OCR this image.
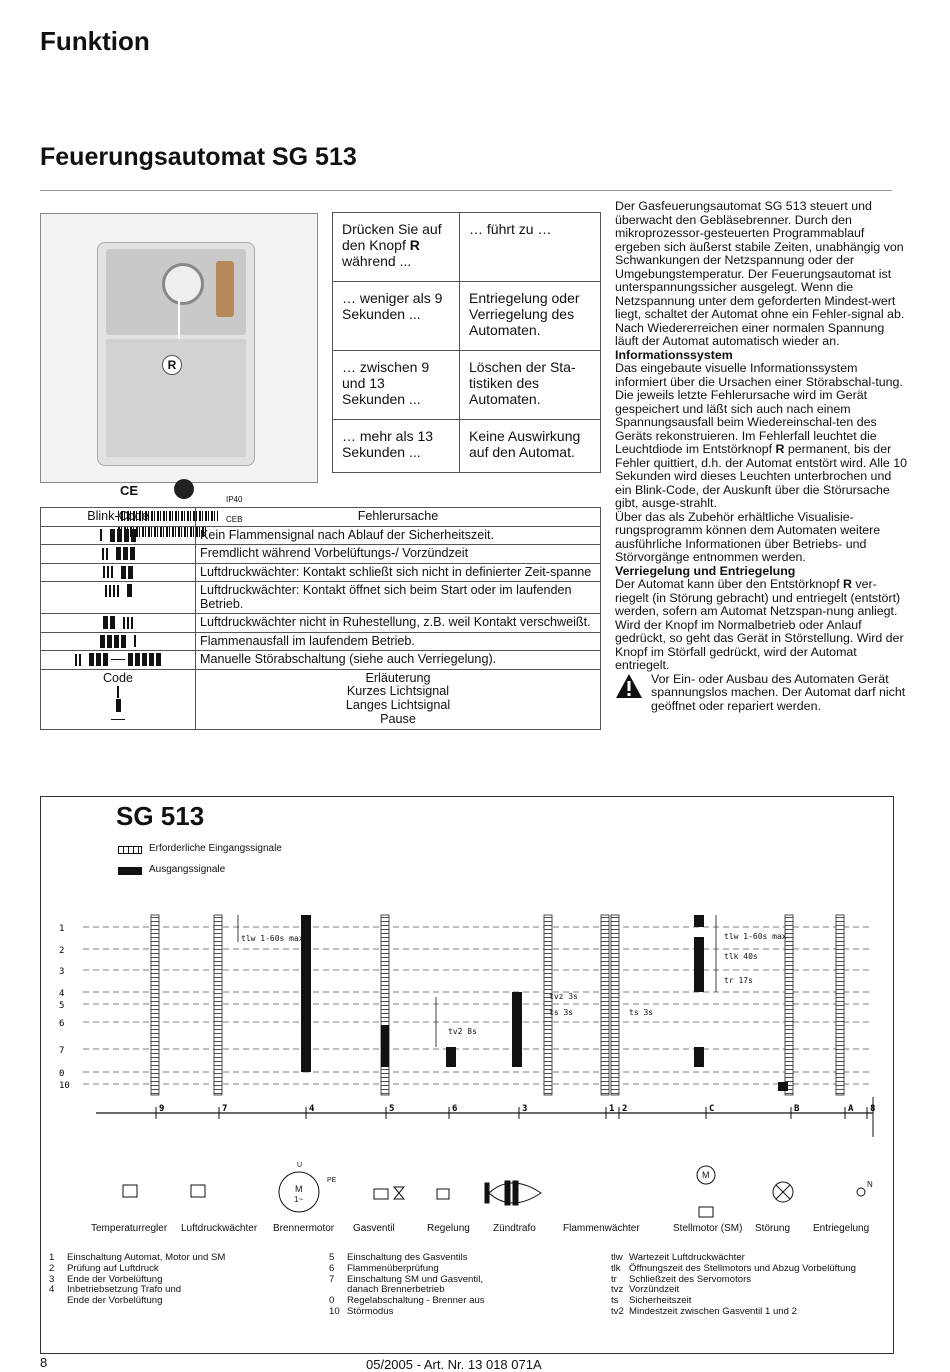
Funktion
Feuerungsautomat SG 513
CE
IP40
CEB
R
Drücken Sie auf den Knopf R während ...	… führt zu …
… weniger als 9 Sekunden ...	Entriegelung oder Verriegelung des Automaten.
… zwischen 9 und 13 Sekunden ...	Löschen der Sta-tistiken des Automaten.
… mehr als 13 Sekunden ...	Keine Auswirkung auf den Automat.
Blink-Code	Fehlerursache
	Kein Flammensignal nach Ablauf der Sicherheitszeit.
	Fremdlicht während Vorbelüftungs-/ Vorzündzeit
	Luftdruckwächter: Kontakt schließt sich nicht in definierter Zeit-spanne
	Luftdruckwächter: Kontakt öffnet sich beim Start oder im laufenden Betrieb.
	Luftdruckwächter nicht in Ruhestellung, z.B. weil Kontakt verschweißt.
	Flammenausfall im laufendem Betrieb.
	Manuelle Störabschaltung (siehe auch Verriegelung).

Code	Erläuterung
Kurzes Lichtsignal
Langes Lichtsignal
Pause

Der Gasfeuerungsautomat SG 513 steuert und überwacht den Gebläsebrenner. Durch den mikroprozessor-gesteuerten Programmablauf ergeben sich äußerst stabile Zeiten, unabhängig von Schwankungen der Netzspannung oder der Umgebungstemperatur. Der Feuerungsautomat ist unterspannungssicher ausgelegt. Wenn die Netzspannung unter dem geforderten Mindest-wert liegt, schaltet der Automat ohne ein Fehler-signal ab. Nach Wiedererreichen einer normalen Spannung läuft der Automat automatisch wieder an.

Informationssystem

Das eingebaute visuelle Informationssystem informiert über die Ursachen einer Störabschal-tung. Die jeweils letzte Fehlerursache wird im Gerät gespeichert und läßt sich auch nach einem Spannungsausfall beim Wiedereinschal-ten des Geräts rekonstruieren. Im Fehlerfall leuchtet die Leuchtdiode im Entstörknopf R permanent, bis der Fehler quittiert, d.h. der Automat entstört wird. Alle 10 Sekunden wird dieses Leuchten unterbrochen und ein Blink-Code, der Auskunft über die Störursache gibt, ausge-strahlt.

Über das als Zubehör erhältliche Visualisie-rungsprogramm können dem Automaten weitere ausführliche Informationen über Betriebs- und Störvorgänge entnommen werden.

Verriegelung und Entriegelung

Der Automat kann über den Entstörknopf R ver-riegelt (in Störung gebracht) und entriegelt (entstört) werden, sofern am Automat Netzspan-nung anliegt.

Wird der Knopf im Normalbetrieb oder Anlauf gedrückt, so geht das Gerät in Störstellung. Wird der Knopf im Störfall gedrückt, wird der Automat entriegelt.

Vor Ein- oder Ausbau des Automaten Gerät spannungslos machen. Der Automat darf nicht geöffnet oder repariert werden.
SG 513
Erforderliche Eingangssignale
Ausgangssignale
1
2
3
4
5
6
7
0
10
9	7	4	5	6	3	1 2	C	B	A 8
tlw 1-60s max
tv2 8s
tvz 3s
ts 3s	ts 3s
tlw 1-60s max
tlk 40s
tr 17s
M
1~
PE
U
M
N
Temperaturregler Luftdruckwächter Brennermotor Gasventil	Regelung Zündtrafo	Flammenwächter	Stellmotor (SM) Störung Entriegelung
1	Einschaltung Automat, Motor und SM
2	Prüfung auf Luftdruck
3	Ende der Vorbelüftung
4	Inbetriebsetzung Trafo und
Ende der Vorbelüftung
5	Einschaltung des Gasventils
6	Flammenüberprüfung
7	Einschaltung SM und Gasventil,
danach Brennerbetrieb
0	Regelabschaltung - Brenner aus
10 Störmodus
tlw Wartezeit Luftdruckwächter
tlk Öffnungszeit des Stellmotors und Abzug Vorbelüftung
tr	Schließzeit des Servomotors
tvz Vorzündzeit
ts	Sicherheitszeit
tv2 Mindestzeit zwischen Gasventil 1 und 2
8	05/2005 - Art. Nr. 13 018 071A
